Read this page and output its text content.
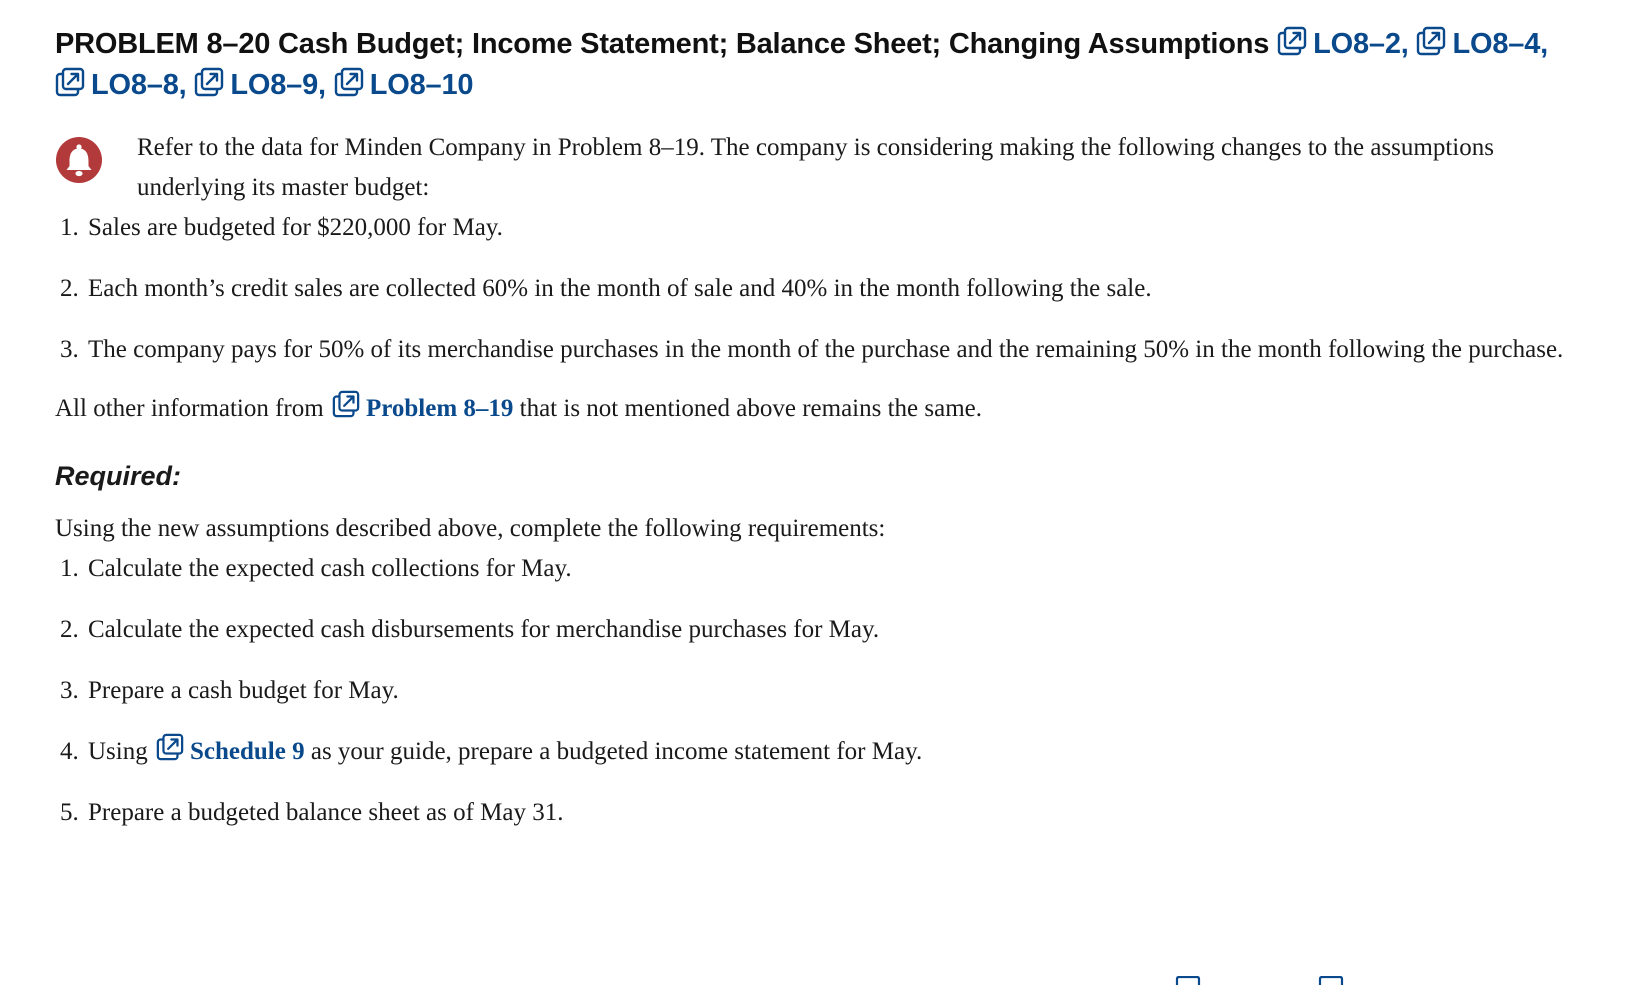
PROBLEM 8–20 Cash Budget; Income Statement; Balance Sheet; Changing Assumptions LO8–2, LO8–4,
LO8–8, LO8–9, LO8–10
Refer to the data for Minden Company in Problem 8–19. The company is considering making the following changes to the assumptions underlying its master budget:
1. Sales are budgeted for $220,000 for May.
2. Each month’s credit sales are collected 60% in the month of sale and 40% in the month following the sale.
3. The company pays for 50% of its merchandise purchases in the month of the purchase and the remaining 50% in the month following the purchase.
All other information from Problem 8–19 that is not mentioned above remains the same.
Required:
Using the new assumptions described above, complete the following requirements:
1. Calculate the expected cash collections for May.
2. Calculate the expected cash disbursements for merchandise purchases for May.
3. Prepare a cash budget for May.
4. Using Schedule 9 as your guide, prepare a budgeted income statement for May.
5. Prepare a budgeted balance sheet as of May 31.
